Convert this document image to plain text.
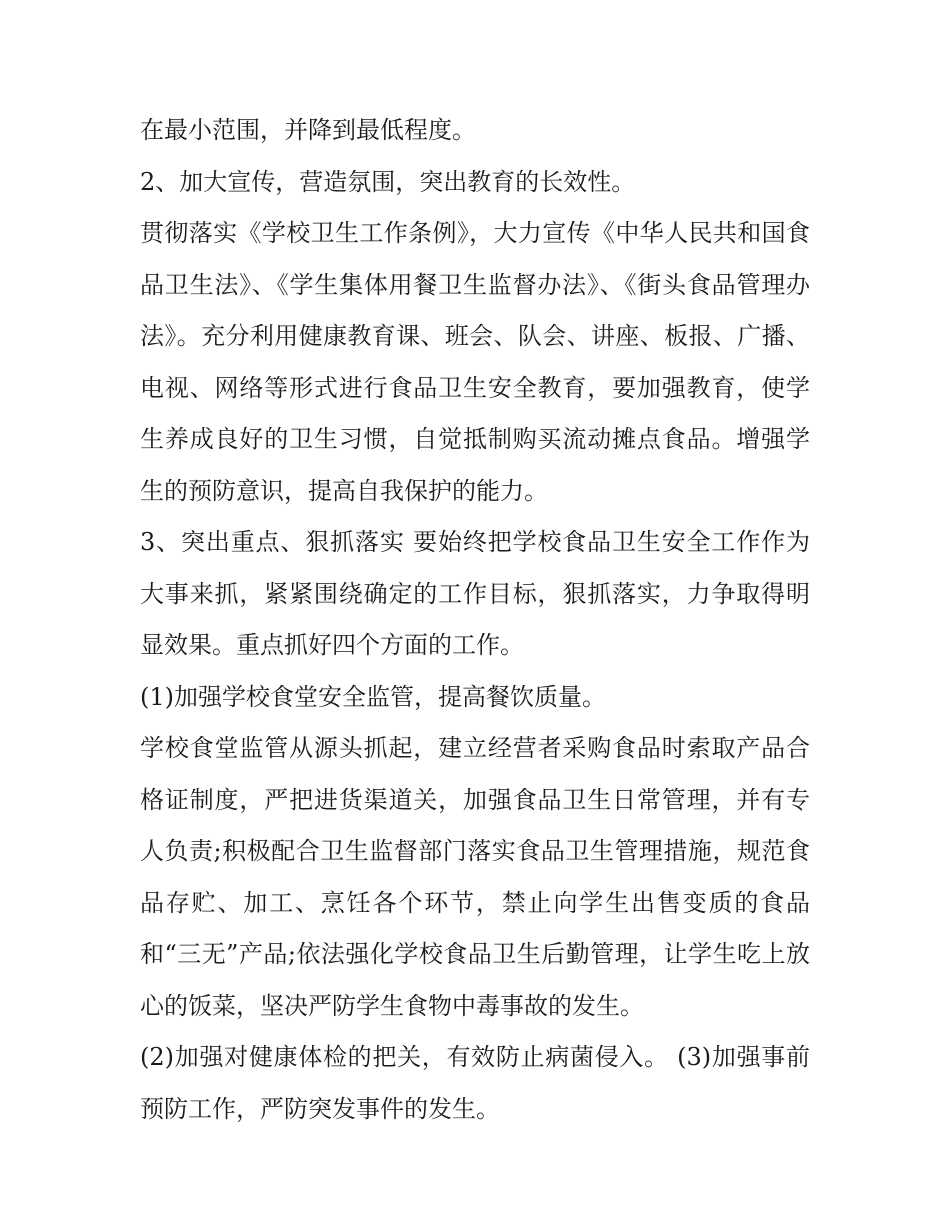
在最小范围，并降到最低程度。

2、加大宣传，营造氛围，突出教育的长效性。

贯彻落实《学校卫生工作条例》，大力宣传《中华人民共和国食品卫生法》、《学生集体用餐卫生监督办法》、《街头食品管理办法》。充分利用健康教育课、班会、队会、讲座、板报、广播、电视、网络等形式进行食品卫生安全教育，要加强教育，使学生养成良好的卫生习惯，自觉抵制购买流动摊点食品。增强学生的预防意识，提高自我保护的能力。

3、突出重点、狠抓落实 要始终把学校食品卫生安全工作作为大事来抓，紧紧围绕确定的工作目标，狠抓落实，力争取得明显效果。重点抓好四个方面的工作。

(1)加强学校食堂安全监管，提高餐饮质量。

学校食堂监管从源头抓起，建立经营者采购食品时索取产品合格证制度，严把进货渠道关，加强食品卫生日常管理，并有专人负责;积极配合卫生监督部门落实食品卫生管理措施，规范食品存贮、加工、烹饪各个环节，禁止向学生出售变质的食品和“三无”产品;依法强化学校食品卫生后勤管理，让学生吃上放心的饭菜，坚决严防学生食物中毒事故的发生。

(2)加强对健康体检的把关，有效防止病菌侵入。 (3)加强事前预防工作，严防突发事件的发生。
